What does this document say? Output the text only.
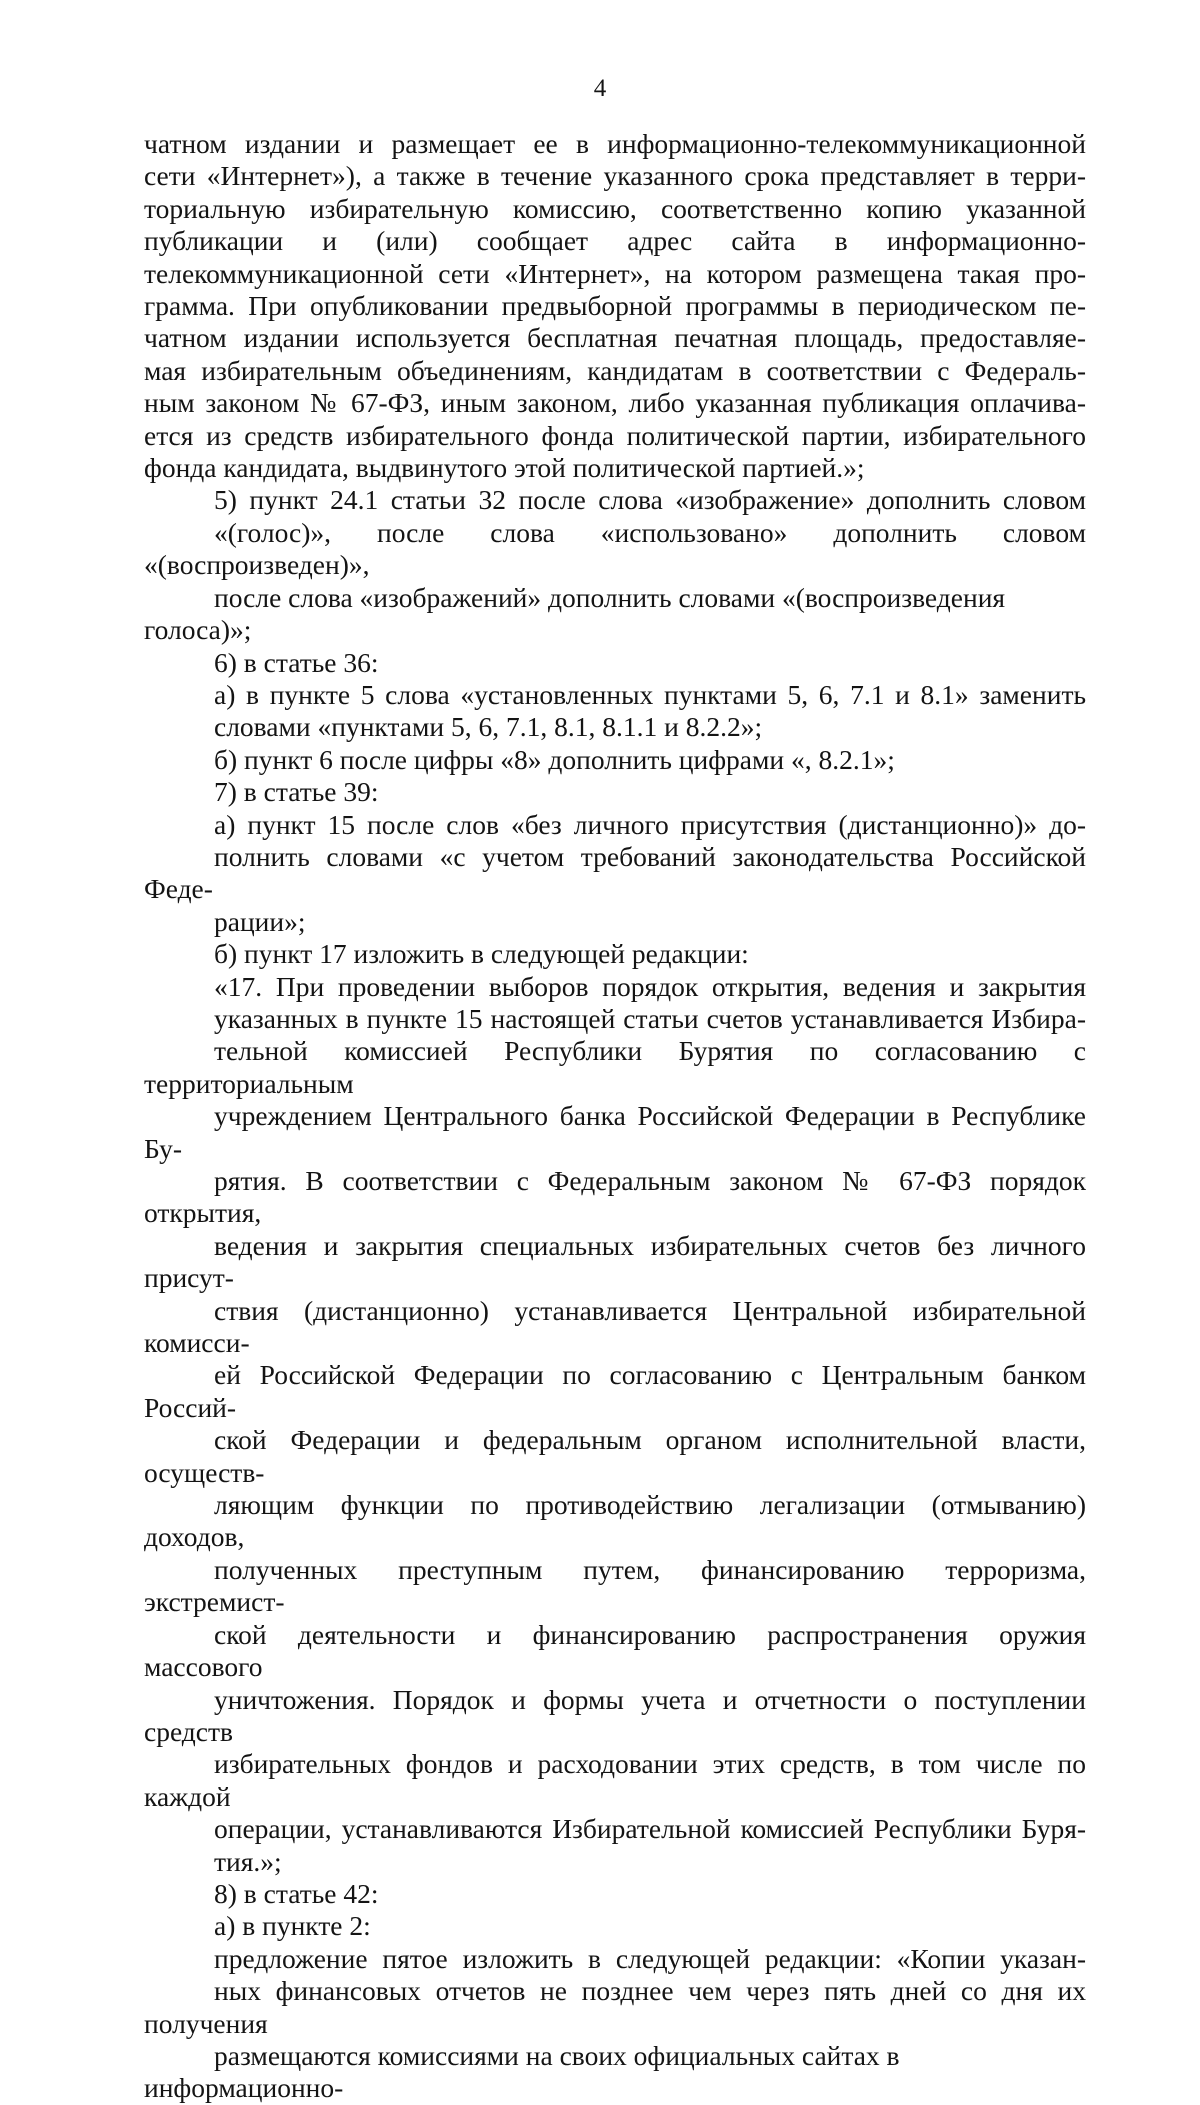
4

чатном издании и размещает ее в информационно-телекоммуникационной
сети «Интернет»), а также в течение указанного срока представляет в терри-
ториальную избирательную комиссию, соответственно копию указанной
публикации и (или) сообщает адрес сайта в информационно-
телекоммуникационной сети «Интернет», на котором размещена такая про-
грамма. При опубликовании предвыборной программы в периодическом пе-
чатном издании используется бесплатная печатная площадь, предоставляе-
мая избирательным объединениям, кандидатам в соответствии с Федераль-
ным законом № 67-ФЗ, иным законом, либо указанная публикация оплачива-
ется из средств избирательного фонда политической партии, избирательного
фонда кандидата, выдвинутого этой политической партией.»;

5) пункт 24.1 статьи 32 после слова «изображение» дополнить словом
«(голос)», после слова «использовано» дополнить словом «(воспроизведен)»,
после слова «изображений» дополнить словами «(воспроизведения голоса)»;

6) в статье 36:

а) в пункте 5 слова «установленных пунктами 5, 6, 7.1 и 8.1» заменить
словами «пунктами 5, 6, 7.1, 8.1, 8.1.1 и 8.2.2»;

б) пункт 6 после цифры «8» дополнить цифрами «, 8.2.1»;

7) в статье 39:

а) пункт 15 после слов «без личного присутствия (дистанционно)» до-
полнить словами «с учетом требований законодательства Российской Феде-
рации»;

б) пункт 17 изложить в следующей редакции:

«17. При проведении выборов порядок открытия, ведения и закрытия
указанных в пункте 15 настоящей статьи счетов устанавливается Избира-
тельной комиссией Республики Бурятия по согласованию с территориальным
учреждением Центрального банка Российской Федерации в Республике Бу-
рятия. В соответствии с Федеральным законом № 67-ФЗ порядок открытия,
ведения и закрытия специальных избирательных счетов без личного присут-
ствия (дистанционно) устанавливается Центральной избирательной комисси-
ей Российской Федерации по согласованию с Центральным банком Россий-
ской Федерации и федеральным органом исполнительной власти, осуществ-
ляющим функции по противодействию легализации (отмыванию) доходов,
полученных преступным путем, финансированию терроризма, экстремист-
ской деятельности и финансированию распространения оружия массового
уничтожения. Порядок и формы учета и отчетности о поступлении средств
избирательных фондов и расходовании этих средств, в том числе по каждой
операции, устанавливаются Избирательной комиссией Республики Буря-
тия.»;

8) в статье 42:

а) в пункте 2:

предложение пятое изложить в следующей редакции: «Копии указан-
ных финансовых отчетов не позднее чем через пять дней со дня их получения
размещаются комиссиями на своих официальных сайтах в информационно-
